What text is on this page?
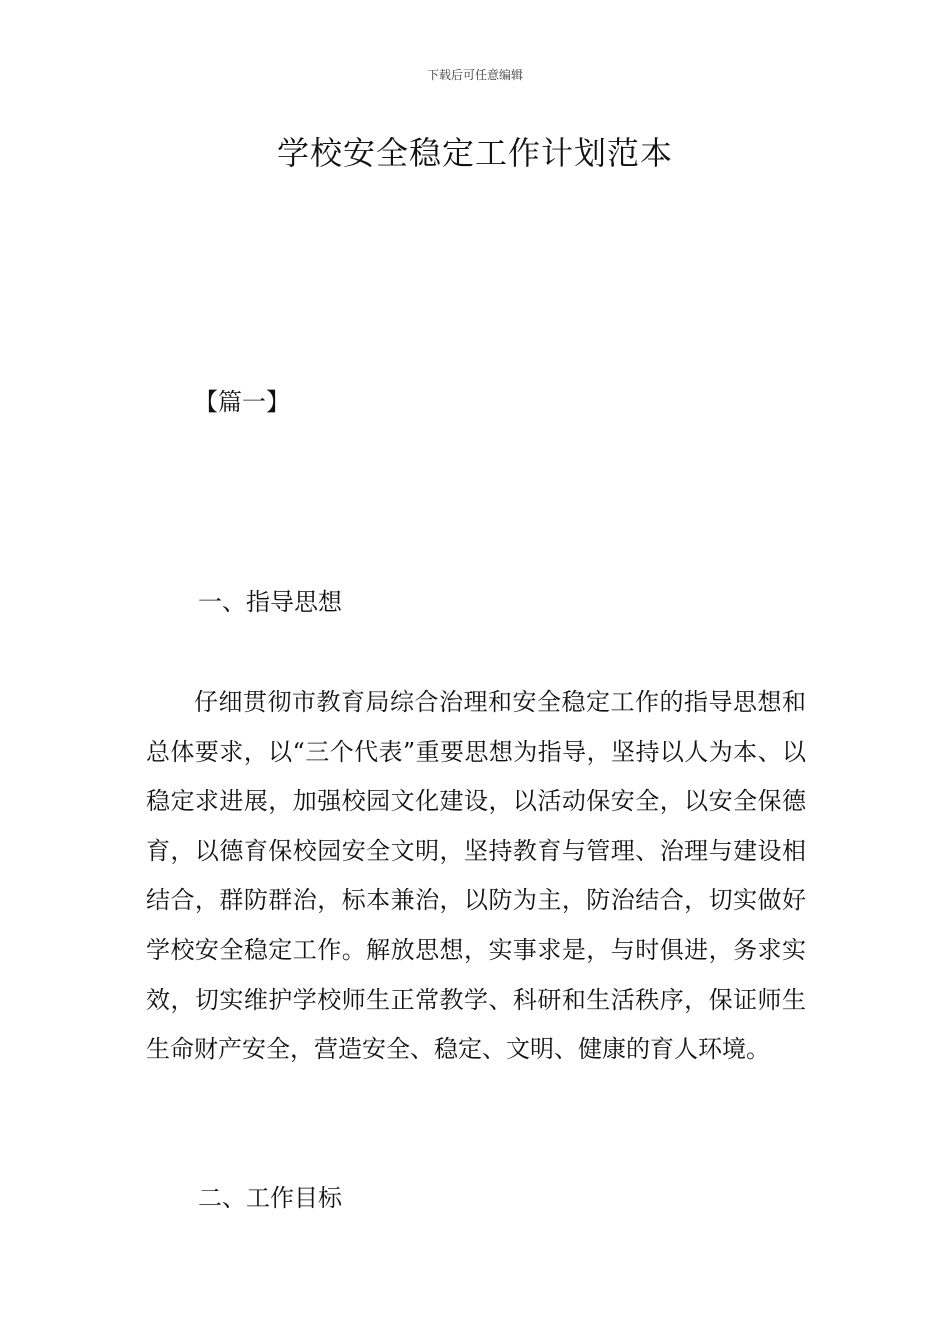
下载后可任意编辑
学校安全稳定工作计划范本
【篇一】
一、指导思想

仔细贯彻市教育局综合治理和安全稳定工作的指导思想和总体要求，以“三个代表”重要思想为指导，坚持以人为本、以稳定求进展，加强校园文化建设，以活动保安全，以安全保德育，以德育保校园安全文明，坚持教育与管理、治理与建设相结合，群防群治，标本兼治，以防为主，防治结合，切实做好学校安全稳定工作。解放思想，实事求是，与时俱进，务求实效，切实维护学校师生正常教学、科研和生活秩序，保证师生生命财产安全，营造安全、稳定、文明、健康的育人环境。

二、工作目标
